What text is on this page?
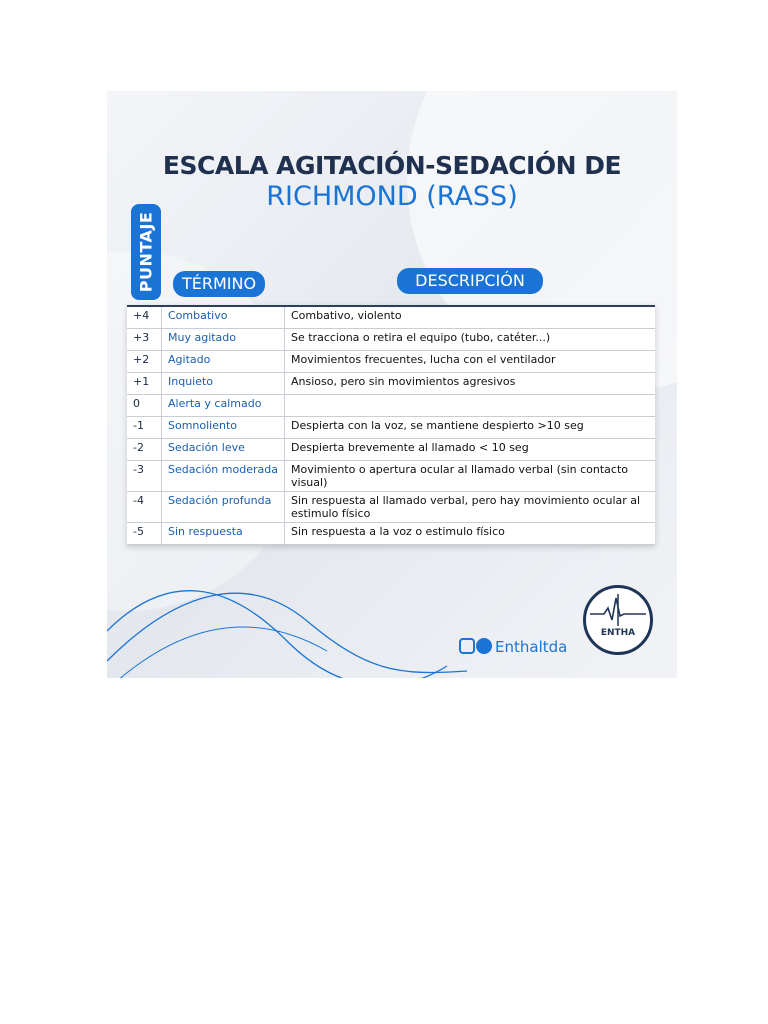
ESCALA AGITACIÓN-SEDACIÓN DE
RICHMOND (RASS)
PUNTAJE	TÉRMINO	DESCRIPCIÓN
+4	Combativo	Combativo, violento
+3	Muy agitado	Se tracciona o retira el equipo (tubo, catéter...)
+2	Agitado	Movimientos frecuentes, lucha con el ventilador
+1	Inquieto	Ansioso, pero sin movimientos agresivos
0	Alerta y calmado	
-1	Somnoliento	Despierta con la voz, se mantiene despierto >10 seg
-2	Sedación leve	Despierta brevemente al llamado < 10 seg
-3	Sedación moderada	Movimiento o apertura ocular al llamado verbal (sin contacto visual)
-4	Sedación profunda	Sin respuesta al llamado verbal, pero hay movimiento ocular al estimulo físico
-5	Sin respuesta	Sin respuesta a la voz o estimulo físico
Enthaltda
ENTHA
